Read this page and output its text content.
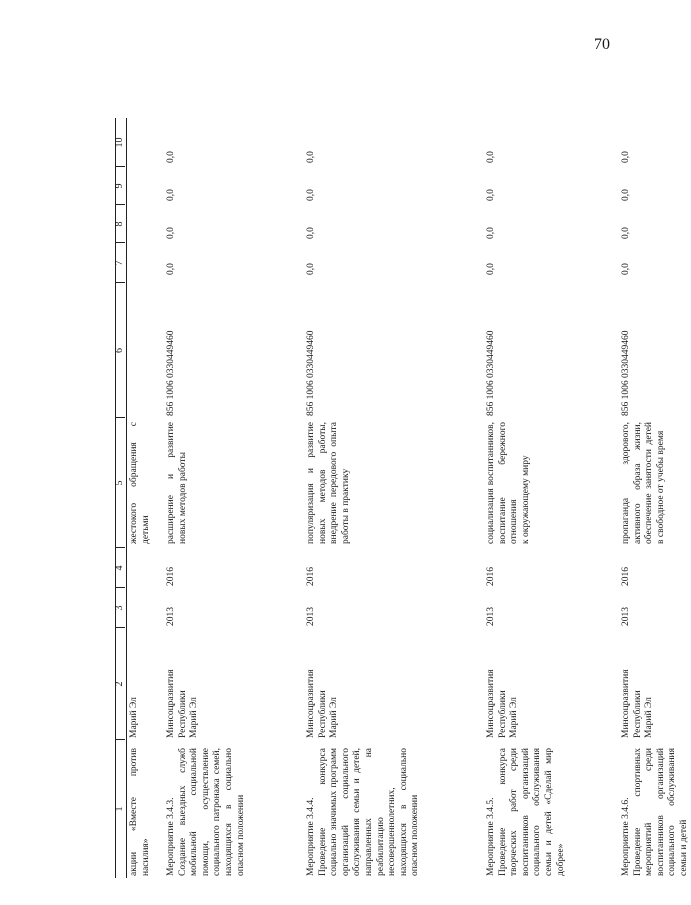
70
1
2
3
4
5
6
7
8
9
10
акции «Вместе против насилия»
Марий Эл
жестокого обращения с детьми
Мероприятие 3.4.3.
Создание выездных служб мобильной социальной помощи, осуществление социального патронажа семей, находящихся в социально опасном положении
Минсоцразвития
Республики
Марий Эл
2013
2016
расширение и развитие новых методов работы
856 1006 0330449460
0,0
0,0
0,0
0,0
Мероприятие 3.4.4.
Проведение конкурса социально значимых программ организаций социального обслуживания семьи и детей, направленных на реабилитацию несовершеннолетних, находящихся в социально опасном положении
Минсоцразвития
Республики
Марий Эл
2013
2016
популяризация и развитие новых методов работы, внедрение передового опыта работы в практику
856 1006 0330449460
0,0
0,0
0,0
0,0
Мероприятие 3.4.5.
Проведение конкурса творческих работ среди воспитанников организаций социального обслуживания семьи и детей «Сделай мир добрее»
Минсоцразвития
Республики
Марий Эл
2013
2016
социализация воспитанников, воспитание бережного отношения
к окружающему миру
856 1006 0330449460
0,0
0,0
0,0
0,0
Мероприятие 3.4.6.
Проведение спортивных мероприятий среди воспитанников организаций социального обслуживания семьи и детей
Минсоцразвития
Республики
Марий Эл
2013
2016
пропаганда здорового, активного образа жизни, обеспечение занятости детей в свободное от учебы время
856 1006 0330449460
0,0
0,0
0,0
0,0
